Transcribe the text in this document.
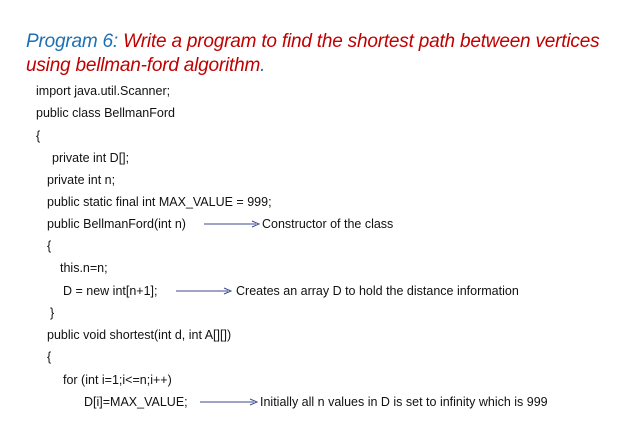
Program 6: Write a program to find the shortest path between vertices using bellman-ford algorithm.
import java.util.Scanner;
public class BellmanFord
{
private int D[];
private int n;
public static final int MAX_VALUE = 999;
public BellmanFord(int n)
{
this.n=n;
D = new int[n+1];
}
public void shortest(int d, int A[][])
{
for (int i=1;i<=n;i++)
D[i]=MAX_VALUE;
Constructor of the class
Creates an array D to hold the distance information
Initially all n values in D is set to infinity which is 999
